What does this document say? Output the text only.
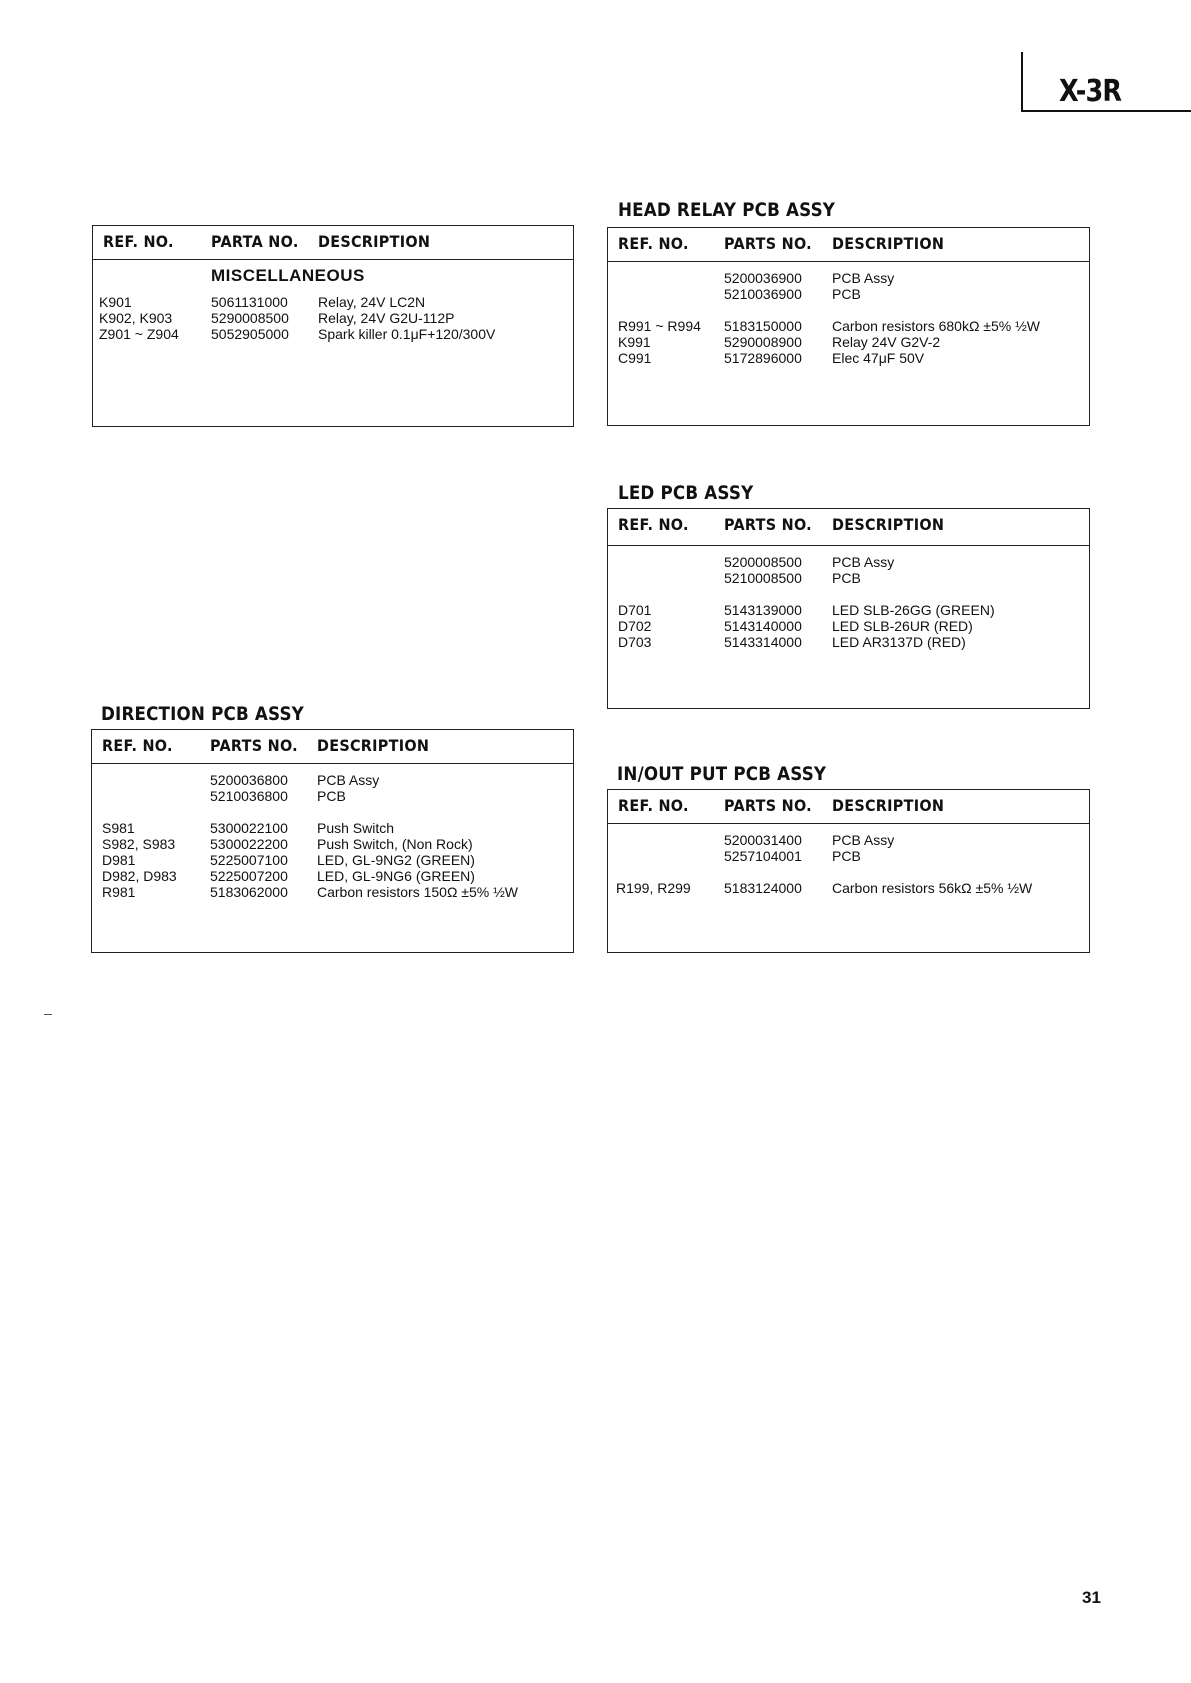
X-3R
REF. NO. PARTA NO. DESCRIPTION
MISCELLANEOUS
K901	5061131000 Relay, 24V LC2N
K902, K903	5290008500 Relay, 24V G2U-112P
Z901 ~ Z904 5052905000 Spark killer 0.1μF+120/300V
HEAD RELAY PCB ASSY
REF. NO. PARTS NO. DESCRIPTION
5200036900 PCB Assy
5210036900 PCB
R991 ~ R994 5183150000 Carbon resistors 680kΩ ±5% ½W
K991	5290008900 Relay 24V G2V-2
C991	5172896000 Elec 47μF 50V
LED PCB ASSY
REF. NO. PARTS NO. DESCRIPTION
5200008500 PCB Assy
5210008500 PCB
D701	5143139000 LED SLB-26GG (GREEN)
D702	5143140000 LED SLB-26UR (RED)
D703	5143314000 LED AR3137D (RED)
DIRECTION PCB ASSY
REF. NO. PARTS NO. DESCRIPTION
5200036800 PCB Assy
5210036800 PCB
S981	5300022100 Push Switch
S982, S983 5300022200 Push Switch, (Non Rock)
D981	5225007100 LED, GL-9NG2 (GREEN)
D982, D983 5225007200 LED, GL-9NG6 (GREEN)
R981	5183062000 Carbon resistors 150Ω ±5% ½W
IN/OUT PUT PCB ASSY
REF. NO. PARTS NO. DESCRIPTION
5200031400 PCB Assy
5257104001 PCB
R199, R299 5183124000 Carbon resistors 56kΩ ±5% ½W
31
